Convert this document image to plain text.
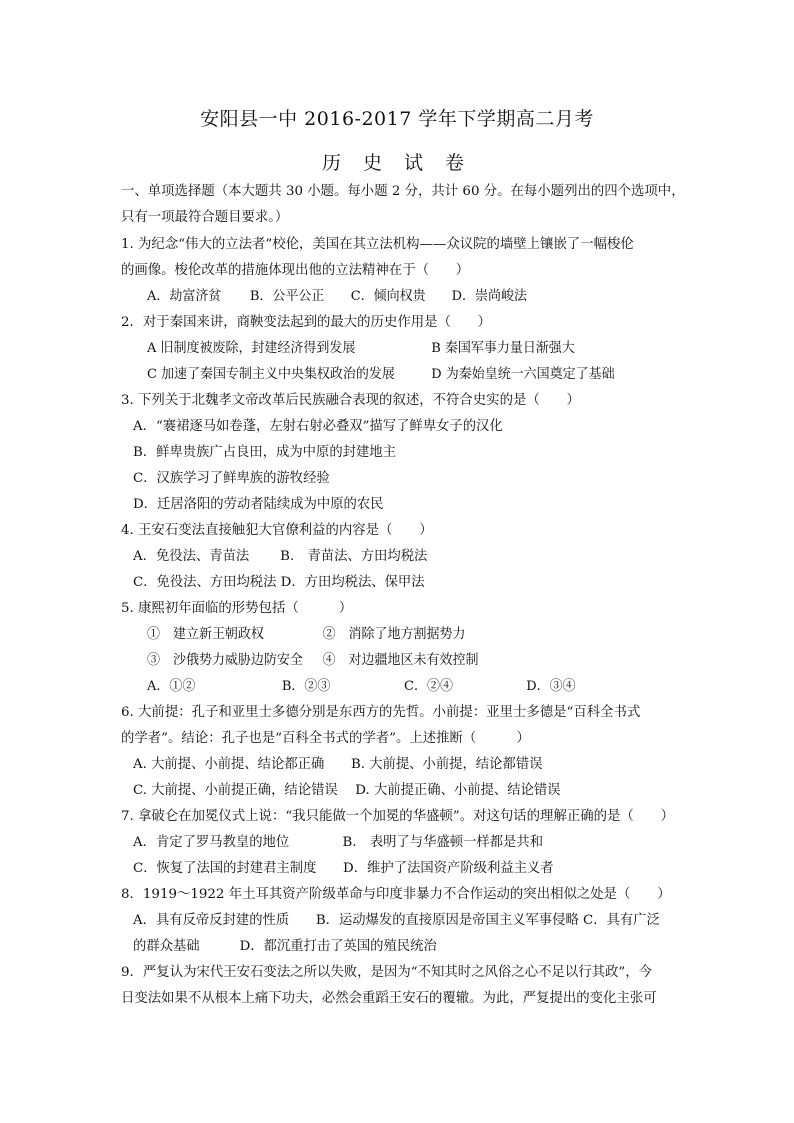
安阳县一中 2016-2017 学年下学期高二月考
历 史 试 卷
一、单项选择题（本大题共 30 小题。每小题 2 分，共计 60 分。在每小题列出的四个选项中，
只有一项最符合题目要求。）
1. 为纪念“伟大的立法者”校伦，美国在其立法机构——众议院的墙壁上镶嵌了一幅梭伦
的画像。梭伦改革的措施体现出他的立法精神在于（　　）
A．劫富济贫 B．公平公正 C．倾向权贵 D．崇尚峻法
2．对于秦国来讲，商鞅变法起到的最大的历史作用是（　　）
A 旧制度被废除，封建经济得到发展	B 秦国军事力量日渐强大
C 加速了秦国专制主义中央集权政治的发展	D 为秦始皇统一六国奠定了基础
3. 下列关于北魏孝文帝改革后民族融合表现的叙述，不符合史实的是（　　）
A．“褰裙逐马如卷蓬，左射右射必叠双”描写了鲜卑女子的汉化
B．鲜卑贵族广占良田，成为中原的封建地主
C．汉族学习了鲜卑族的游牧经验
D．迁居洛阳的劳动者陆续成为中原的农民
4. 王安石变法直接触犯大官僚利益的内容是（　　）
A．免役法、青苗法　　 B.　青苗法、方田均税法
C．免役法、方田均税法 D．方田均税法、保甲法
5. 康熙初年面临的形势包括（　　　）
①　建立新王朝政权	②　消除了地方割据势力
③　沙俄势力威胁边防安全 ④　对边疆地区未有效控制
A．①②	B．②③	C．②④	D．③④
6. 大前提：孔子和亚里士多德分别是东西方的先哲。小前提：亚里士多德是“百科全书式
的学者”。结论：孔子也是“百科全书式的学者”。上述推断（　　　）
A. 大前提、小前提、结论都正确　　B. 大前提、小前提，结论都错误
C. 大前提、小前提正确，结论错误　 D. 大前提正确、小前提、结论错误
7. 拿破仑在加冕仪式上说：“我只能做一个加冕的华盛顿”。对这句话的理解正确的是（　　）
A．肯定了罗马教皇的地位　　　　B.　表明了与华盛顿一样都是共和
C．恢复了法国的封建君主制度　　D．维护了法国资产阶级利益主义者
8．1919～1922 年土耳其资产阶级革命与印度非暴力不合作运动的突出相似之处是（　　）
A．具有反帝反封建的性质　　B．运动爆发的直接原因是帝国主义军事侵略 C．具有广泛
的群众基础　　　D．都沉重打击了英国的殖民统治
9．严复认为宋代王安石变法之所以失败，是因为“不知其时之风俗之心不足以行其政”，今
日变法如果不从根本上痛下功夫，必然会重蹈王安石的覆辙。为此，严复提出的变化主张可
